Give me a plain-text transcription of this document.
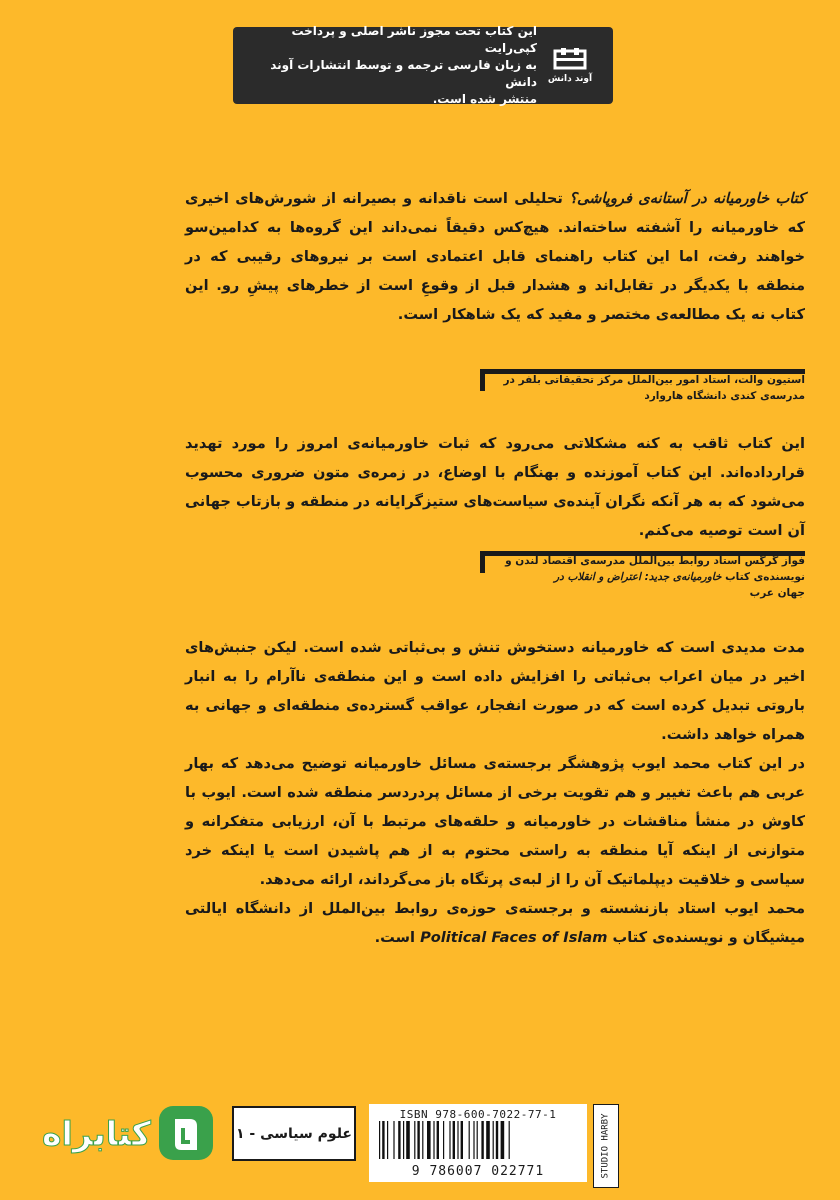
این کتاب تحت مجوز ناشر اصلی و پرداخت کپی‌رایت
به زبان فارسی ترجمه و توسط انتشارات آوند دانش
منتشر شده است.
آوند دانش
کتاب خاورمیانه در آستانه‌ی فروپاشی؟ تحلیلی است ناقدانه و بصیرانه از شورش‌های اخیری که خاورمیانه را آشفته ساخته‌اند. هیچ‌کس دقیقاً نمی‌داند این گروه‌ها به کدامین‌سو خواهند رفت، اما این کتاب راهنمای قابل اعتمادی است بر نیروهای رقیبی که در منطقه با یکدیگر در تقابل‌اند و هشدار قبل از وقوعِ است از خطرهای پیشِ رو. این کتاب نه یک مطالعه‌ی مختصر و مفید که یک شاهکار است.
استیون والت، استاد امور بین‌الملل مرکز تحقیقاتی بلفر در
مدرسه‌ی کندی دانشگاه هاروارد
این کتاب ثاقب به کنه مشکلاتی می‌رود که ثبات خاورمیانه‌ی امروز را مورد تهدید قرارداده‌اند. این کتاب آموزنده و بهنگام با اوضاع، در زمره‌ی متون ضروری محسوب می‌شود که به هر آنکه نگران آینده‌ی سیاست‌های ستیزگرایانه در منطقه و بازتاب جهانی آن است توصیه می‌کنم.
فواز گرگس استاد روابط بین‌الملل مدرسه‌ی اقتصاد لندن و
نویسنده‌ی کتاب خاورمیانه‌ی جدید: اعتراض و انقلاب در
جهان عرب
مدت مدیدی است که خاورمیانه دستخوش تنش و بی‌ثباتی شده است. لیکن جنبش‌های اخیر در میان اعراب بی‌ثباتی را افزایش داده است و این منطقه‌ی ناآرام را به انبار باروتی تبدیل کرده است که در صورت انفجار، عواقب گسترده‌ی منطقه‌ای و جهانی به همراه خواهد داشت.
در این کتاب محمد ایوب پژوهشگر برجسته‌ی مسائل خاورمیانه توضیح می‌دهد که بهار عربی هم باعث تغییر و هم تقویت برخی از مسائل پردردسر منطقه شده است. ایوب با کاوش در منشأ مناقشات در خاورمیانه و حلقه‌های مرتبط با آن، ارزیابی متفکرانه و متوازنی از اینکه آیا منطقه به راستی محتوم به از هم پاشیدن است یا اینکه خرد سیاسی و خلاقیت دیپلماتیک آن را از لبه‌ی پرتگاه باز می‌گرداند، ارائه می‌دهد.
محمد ایوب استاد بازنشسته و برجسته‌ی حوزه‌ی روابط بین‌الملل از دانشگاه ایالتی میشیگان و نویسنده‌ی کتاب Political Faces of Islam است.
کتابراه	علوم سیاسی - ۱
ISBN 978-600-7022-77-1
9 786007 022771	STUDIO HARBY
